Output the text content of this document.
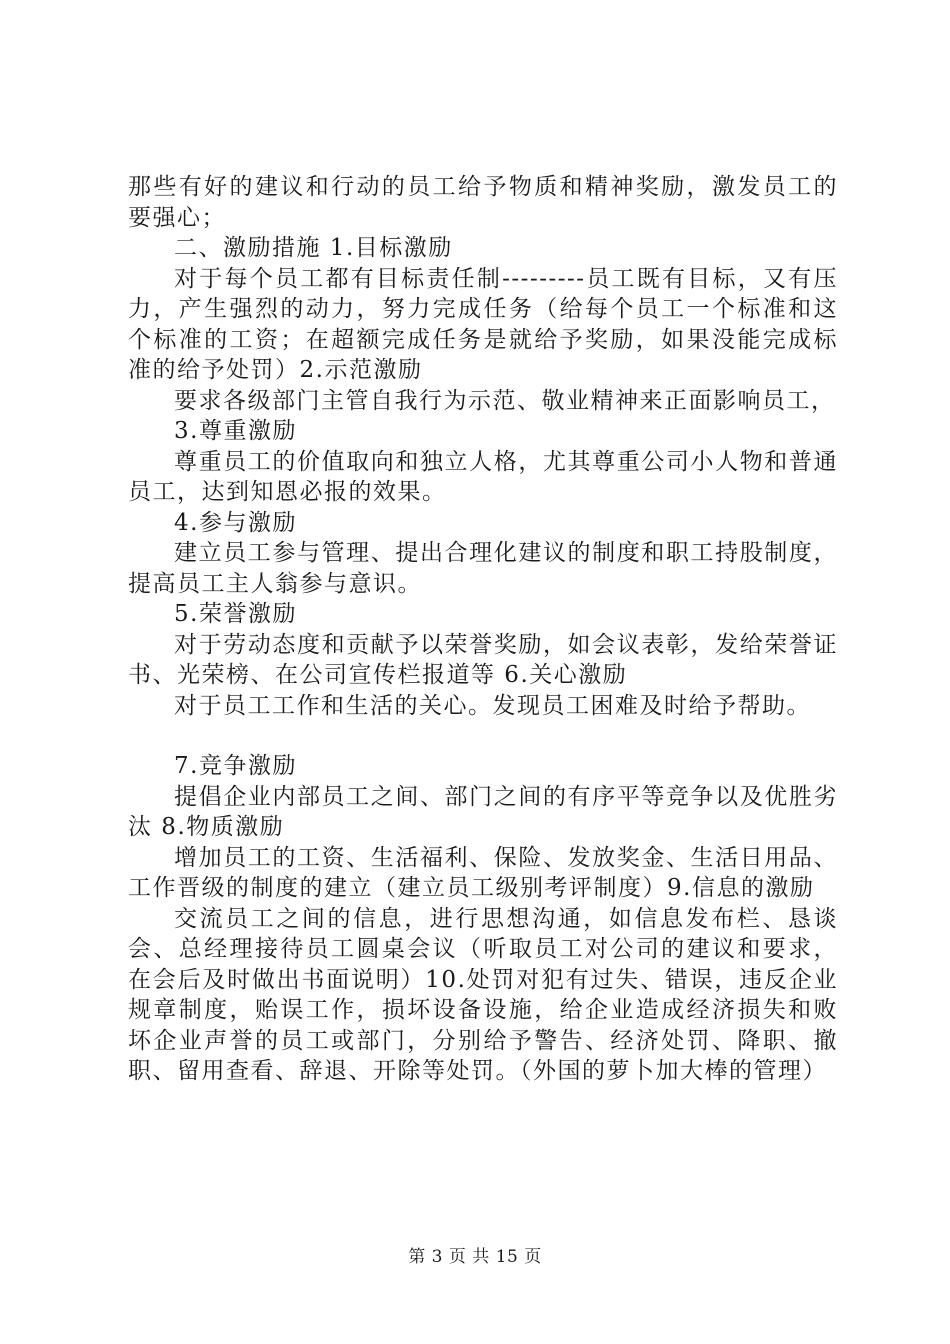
那些有好的建议和行动的员工给予物质和精神奖励，激发员工的要强心；

二、激励措施 1.目标激励

对于每个员工都有目标责任制---------员工既有目标，又有压力，产生强烈的动力，努力完成任务（给每个员工一个标准和这个标准的工资；在超额完成任务是就给予奖励，如果没能完成标准的给予处罚）2.示范激励

要求各级部门主管自我行为示范、敬业精神来正面影响员工，

3.尊重激励

尊重员工的价值取向和独立人格，尤其尊重公司小人物和普通员工，达到知恩必报的效果。

4.参与激励

建立员工参与管理、提出合理化建议的制度和职工持股制度，提高员工主人翁参与意识。

5.荣誉激励

对于劳动态度和贡献予以荣誉奖励，如会议表彰，发给荣誉证书、光荣榜、在公司宣传栏报道等 6.关心激励

对于员工工作和生活的关心。发现员工困难及时给予帮助。

7.竞争激励

提倡企业内部员工之间、部门之间的有序平等竞争以及优胜劣汰 8.物质激励

增加员工的工资、生活福利、保险、发放奖金、生活日用品、工作晋级的制度的建立（建立员工级别考评制度）9.信息的激励

交流员工之间的信息，进行思想沟通，如信息发布栏、恳谈会、总经理接待员工圆桌会议（听取员工对公司的建议和要求，在会后及时做出书面说明）10.处罚对犯有过失、错误，违反企业规章制度，贻误工作，损坏设备设施，给企业造成经济损失和败坏企业声誉的员工或部门，分别给予警告、经济处罚、降职、撤职、留用查看、辞退、开除等处罚。（外国的萝卜加大棒的管理）

第 3 页 共 15 页
